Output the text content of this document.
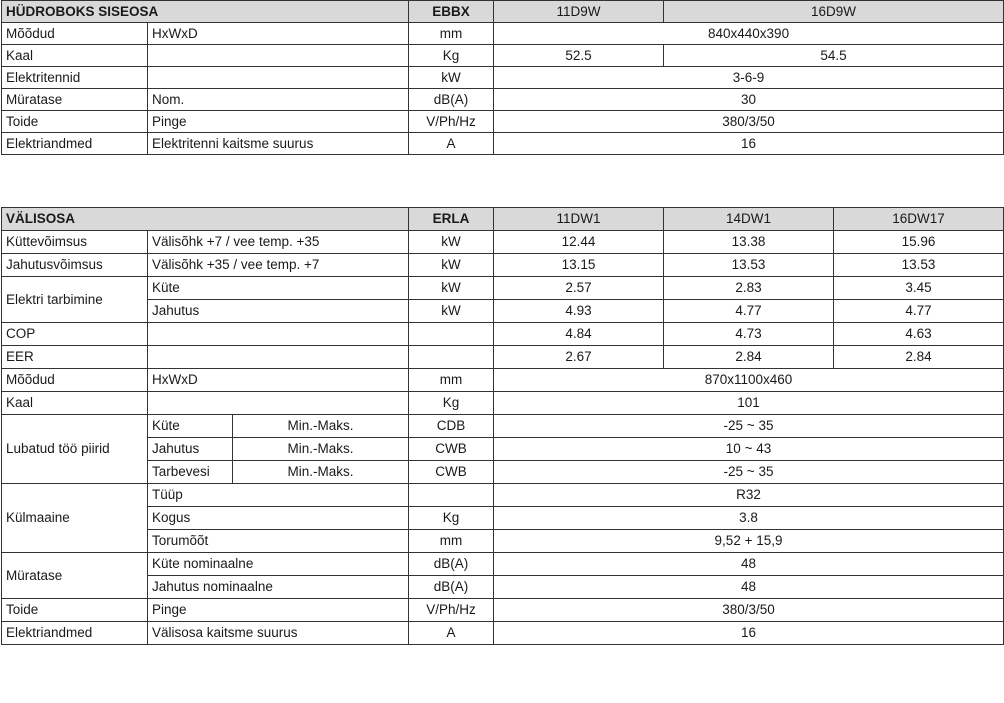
HÜDROBOKS SISEOSA		EBBX	11D9W	16D9W
Mõõdud	HxWxD	mm	840x440x390	
Kaal		Kg	52.5	54.5
Elektritennid		kW	3-6-9	
Müratase	Nom.	dB(A)	30	
Toide	Pinge	V/Ph/Hz	380/3/50	
Elektriandmed	Elektritenni kaitsme suurus	A	16	
VÄLISOSA			ERLA	11DW1	14DW1	16DW17
Küttevõimsus	Välisõhk +7 / vee temp. +35		kW	12.44	13.38	15.96
Jahutusvõimsus	Välisõhk +35 / vee temp. +7		kW	13.15	13.53	13.53
Elektri tarbimine	Küte		kW	2.57	2.83	3.45
	Jahutus		kW	4.93	4.77	4.77
COP				4.84	4.73	4.63
EER				2.67	2.84	2.84
Mõõdud	HxWxD		mm	870x1100x460		
Kaal			Kg	101		
Lubatud töö piirid	Küte	Min.-Maks.	CDB	-25 ~ 35		
	Jahutus	Min.-Maks.	CWB	10 ~ 43		
	Tarbevesi	Min.-Maks.	CWB	-25 ~ 35		
Külmaaine	Tüüp			R32		
	Kogus		Kg	3.8		
	Torumõõt		mm	9,52 + 15,9		
Müratase	Küte nominaalne		dB(A)	48		
	Jahutus nominaalne		dB(A)	48		
Toide	Pinge		V/Ph/Hz	380/3/50		
Elektriandmed	Välisosa kaitsme suurus		A	16		
